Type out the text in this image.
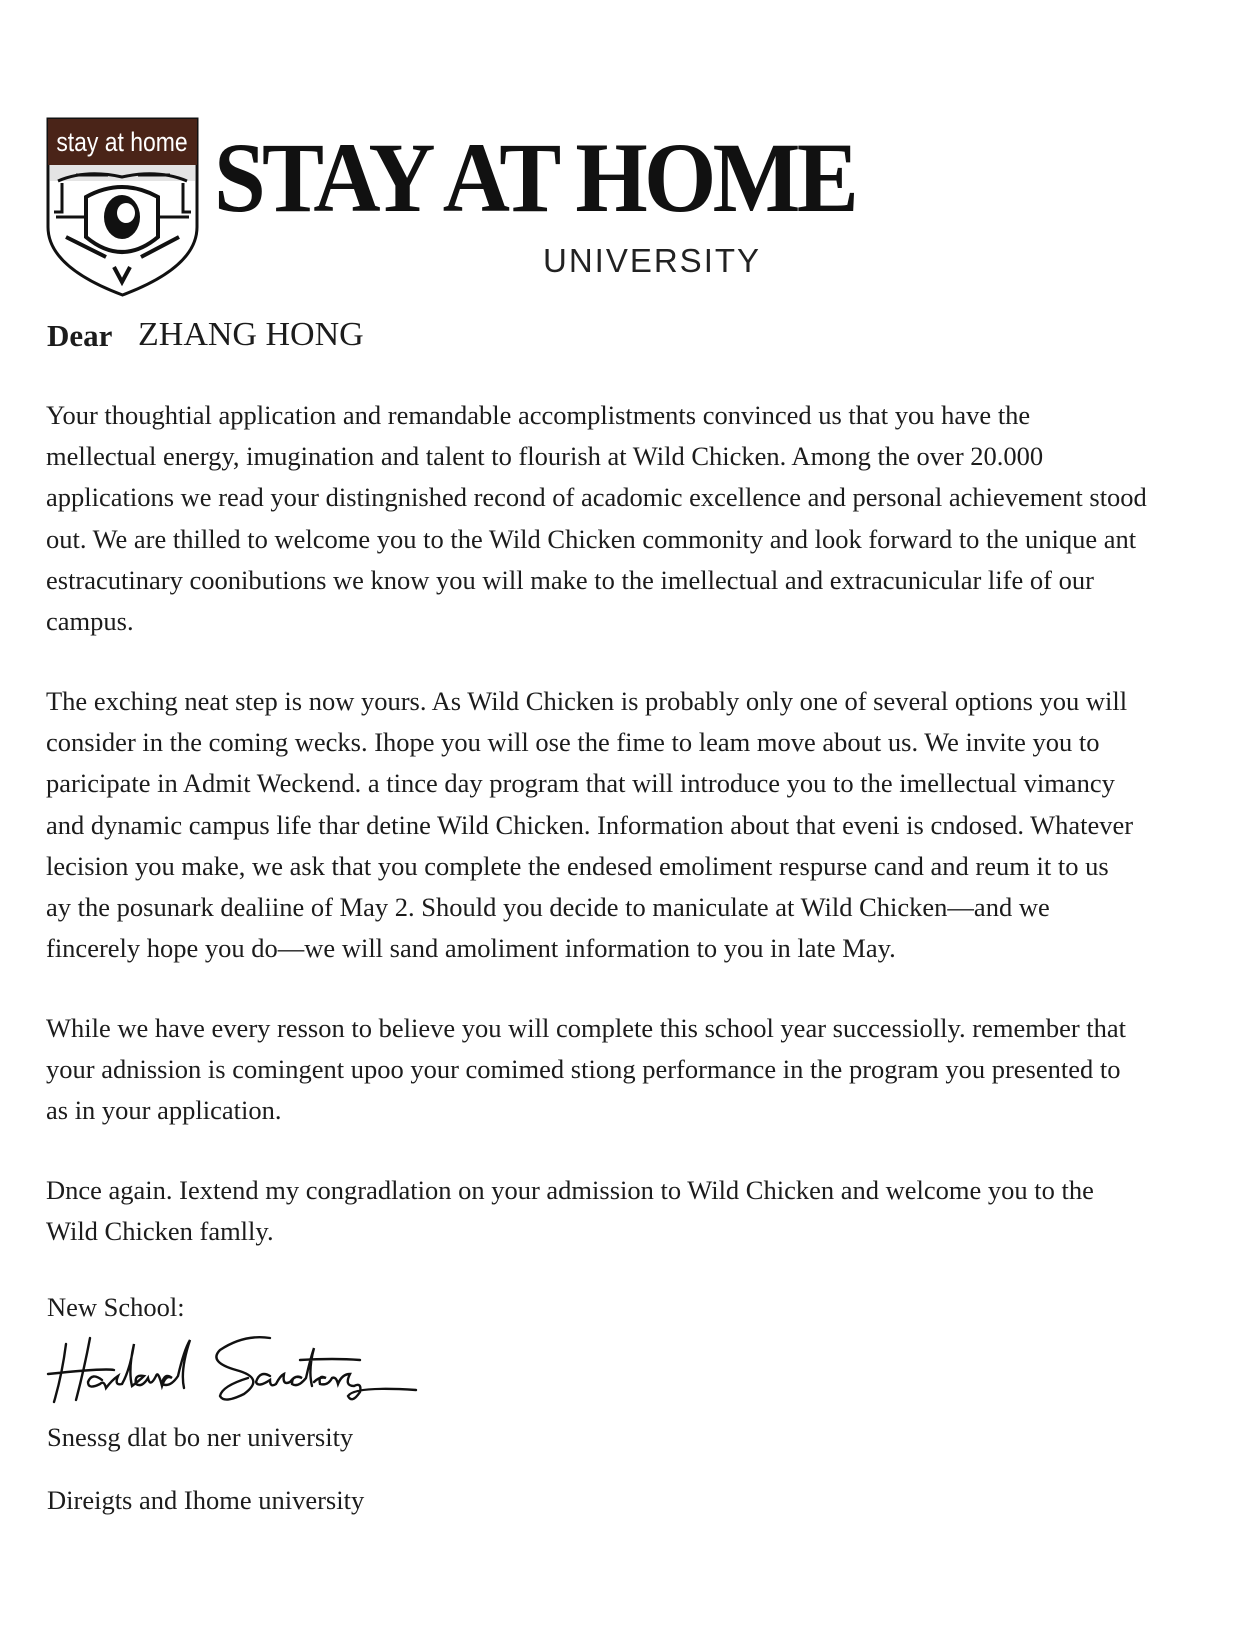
stay at home STAY AT HOME
UNIVERSITY
Dear ZHANG HONG
Your thoughtial application and remandable accomplistments convinced us that you have the
mellectual energy, imugination and talent to flourish at Wild Chicken. Among the over 20.000
applications we read your distingnished recond of acadomic excellence and personal achievement stood
out. We are thilled to welcome you to the Wild Chicken commonity and look forward to the unique ant
estracutinary coonibutions we know you will make to the imellectual and extracunicular life of our
campus.
The exching neat step is now yours. As Wild Chicken is probably only one of several options you will
consider in the coming wecks. Ihope you will ose the fime to leam move about us. We invite you to
paricipate in Admit Weckend. a tince day program that will introduce you to the imellectual vimancy
and dynamic campus life thar detine Wild Chicken. Information about that eveni is cndosed. Whatever
lecision you make, we ask that you complete the endesed emoliment respurse cand and reum it to us
ay the posunark dealiine of May 2. Should you decide to maniculate at Wild Chicken—and we
fincerely hope you do—we will sand amoliment information to you in late May.
While we have every resson to believe you will complete this school year successiolly. remember that
your adnission is comingent upoo your comimed stiong performance in the program you presented to
as in your application.
Dnce again. Iextend my congradlation on your admission to Wild Chicken and welcome you to the
Wild Chicken famlly.
New School:
Snessg dlat bo ner university
Direigts and Ihome university
